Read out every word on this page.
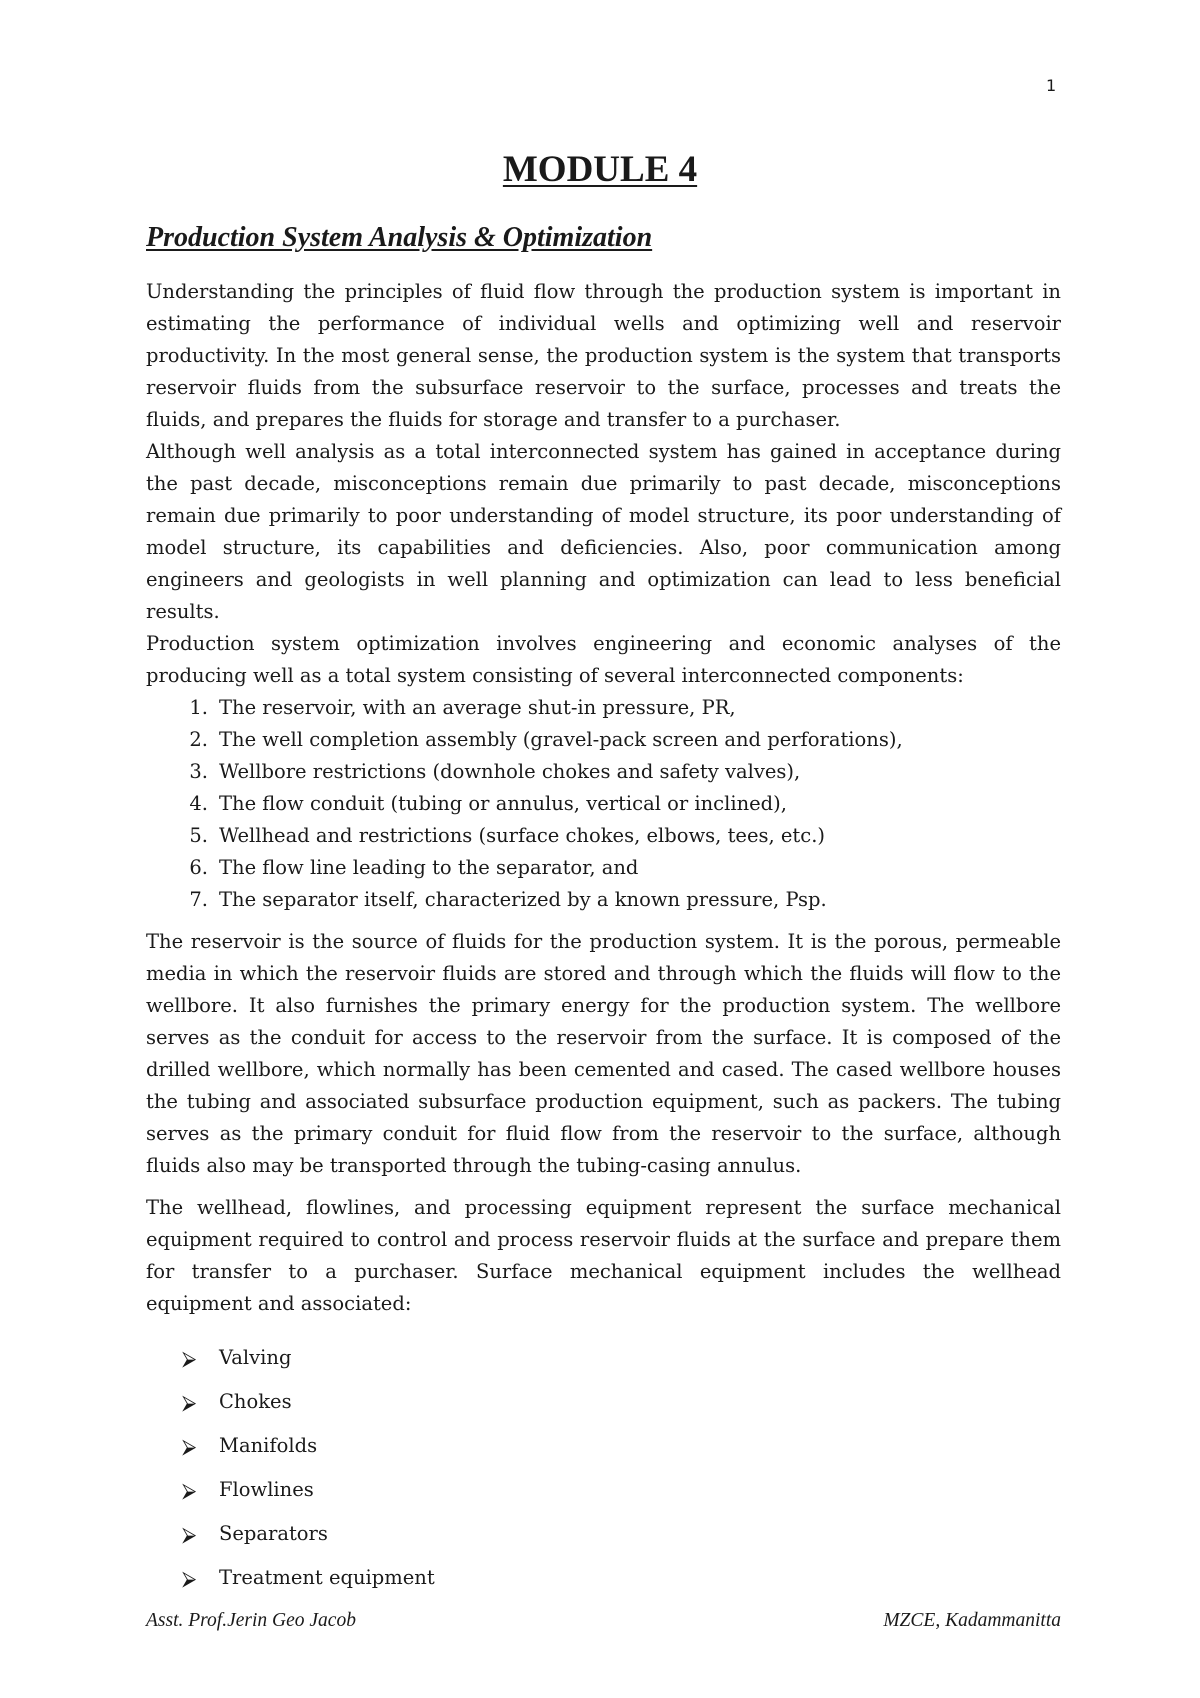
1
MODULE 4
Production System Analysis & Optimization

Understanding the principles of fluid flow through the production system is important in estimating the performance of individual wells and optimizing well and reservoir productivity. In the most general sense, the production system is the system that transports reservoir fluids from the subsurface reservoir to the surface, processes and treats the fluids, and prepares the fluids for storage and transfer to a purchaser.

Although well analysis as a total interconnected system has gained in acceptance during the past decade, misconceptions remain due primarily to past decade, misconceptions remain due primarily to poor understanding of model structure, its poor understanding of model structure, its capabilities and deficiencies. Also, poor communication among engineers and geologists in well planning and optimization can lead to less beneficial results.

Production system optimization involves engineering and economic analyses of the producing well as a total system consisting of several interconnected components:

1. The reservoir, with an average shut-in pressure, PR,
2. The well completion assembly (gravel-pack screen and perforations),
3. Wellbore restrictions (downhole chokes and safety valves),
4. The flow conduit (tubing or annulus, vertical or inclined),
5. Wellhead and restrictions (surface chokes, elbows, tees, etc.)
6. The flow line leading to the separator, and
7. The separator itself, characterized by a known pressure, Psp.

The reservoir is the source of fluids for the production system. It is the porous, permeable media in which the reservoir fluids are stored and through which the fluids will flow to the wellbore. It also furnishes the primary energy for the production system. The wellbore serves as the conduit for access to the reservoir from the surface. It is composed of the drilled wellbore, which normally has been cemented and cased. The cased wellbore houses the tubing and associated subsurface production equipment, such as packers. The tubing serves as the primary conduit for fluid flow from the reservoir to the surface, although fluids also may be transported through the tubing-casing annulus.

The wellhead, flowlines, and processing equipment represent the surface mechanical equipment required to control and process reservoir fluids at the surface and prepare them for transfer to a purchaser. Surface mechanical equipment includes the wellhead equipment and associated:

⮚ Valving
⮚ Chokes
⮚ Manifolds
⮚ Flowlines
⮚ Separators
⮚ Treatment equipment
Asst. Prof.Jerin Geo Jacob	MZCE, Kadammanitta
